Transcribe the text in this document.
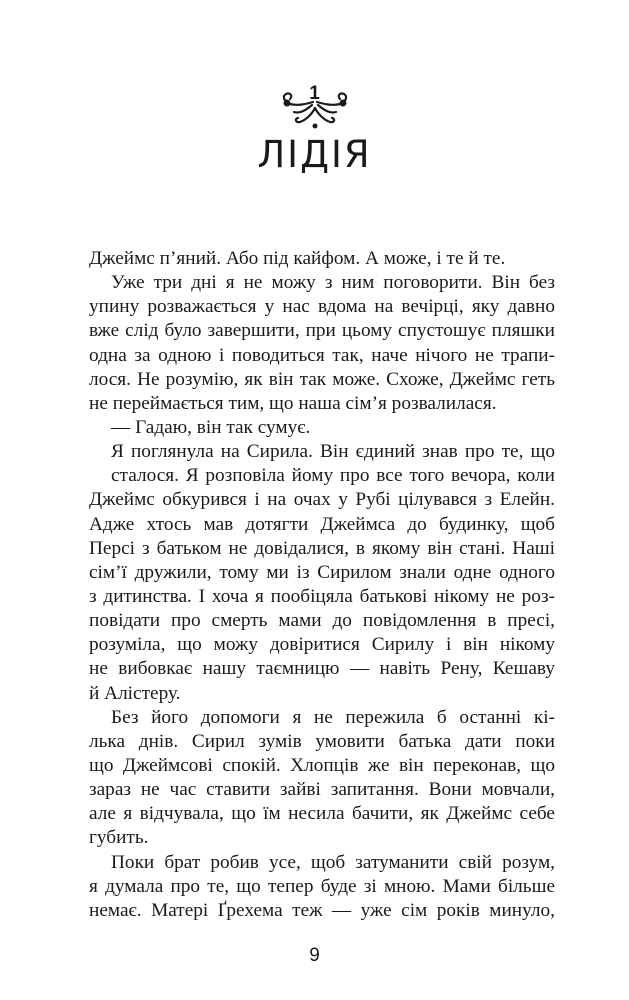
1
ЛІДІЯ
Джеймс п’яний. Або під кайфом. А може, і те й те.
Уже три дні я не можу з ним поговорити. Він без
упину розважається у нас вдома на вечірці, яку давно
вже слід було завершити, при цьому спустошує пляшки
одна за одною і поводиться так, наче нічого не трапи-
лося. Не розумію, як він так може. Схоже, Джеймс геть
не переймається тим, що наша сім’я розвалилася.
— Гадаю, він так сумує.
Я поглянула на Сирила. Він єдиний знав про те, що
сталося. Я розповіла йому про все того вечора, коли
Джеймс обкурився і на очах у Рубі цілувався з Елейн.
Адже хтось мав дотягти Джеймса до будинку, щоб
Персі з батьком не довідалися, в якому він стані. Наші
сім’ї дружили, тому ми із Сирилом знали одне одного
з дитинства. І хоча я пообіцяла батькові нікому не роз-
повідати про смерть мами до повідомлення в пресі,
розуміла, що можу довіритися Сирилу і він нікому
не вибовкає нашу таємницю — навіть Рену, Кешаву
й Алістеру.
Без його допомоги я не пережила б останні кі-
лька днів. Сирил зумів умовити батька дати поки
що Джеймсові спокій. Хлопців же він переконав, що
зараз не час ставити зайві запитання. Вони мовчали,
але я відчувала, що їм несила бачити, як Джеймс себе
губить.
Поки брат робив усе, щоб затуманити свій розум,
я думала про те, що тепер буде зі мною. Мами більше
немає. Матері Ґрехема теж — уже сім років минуло,
9
